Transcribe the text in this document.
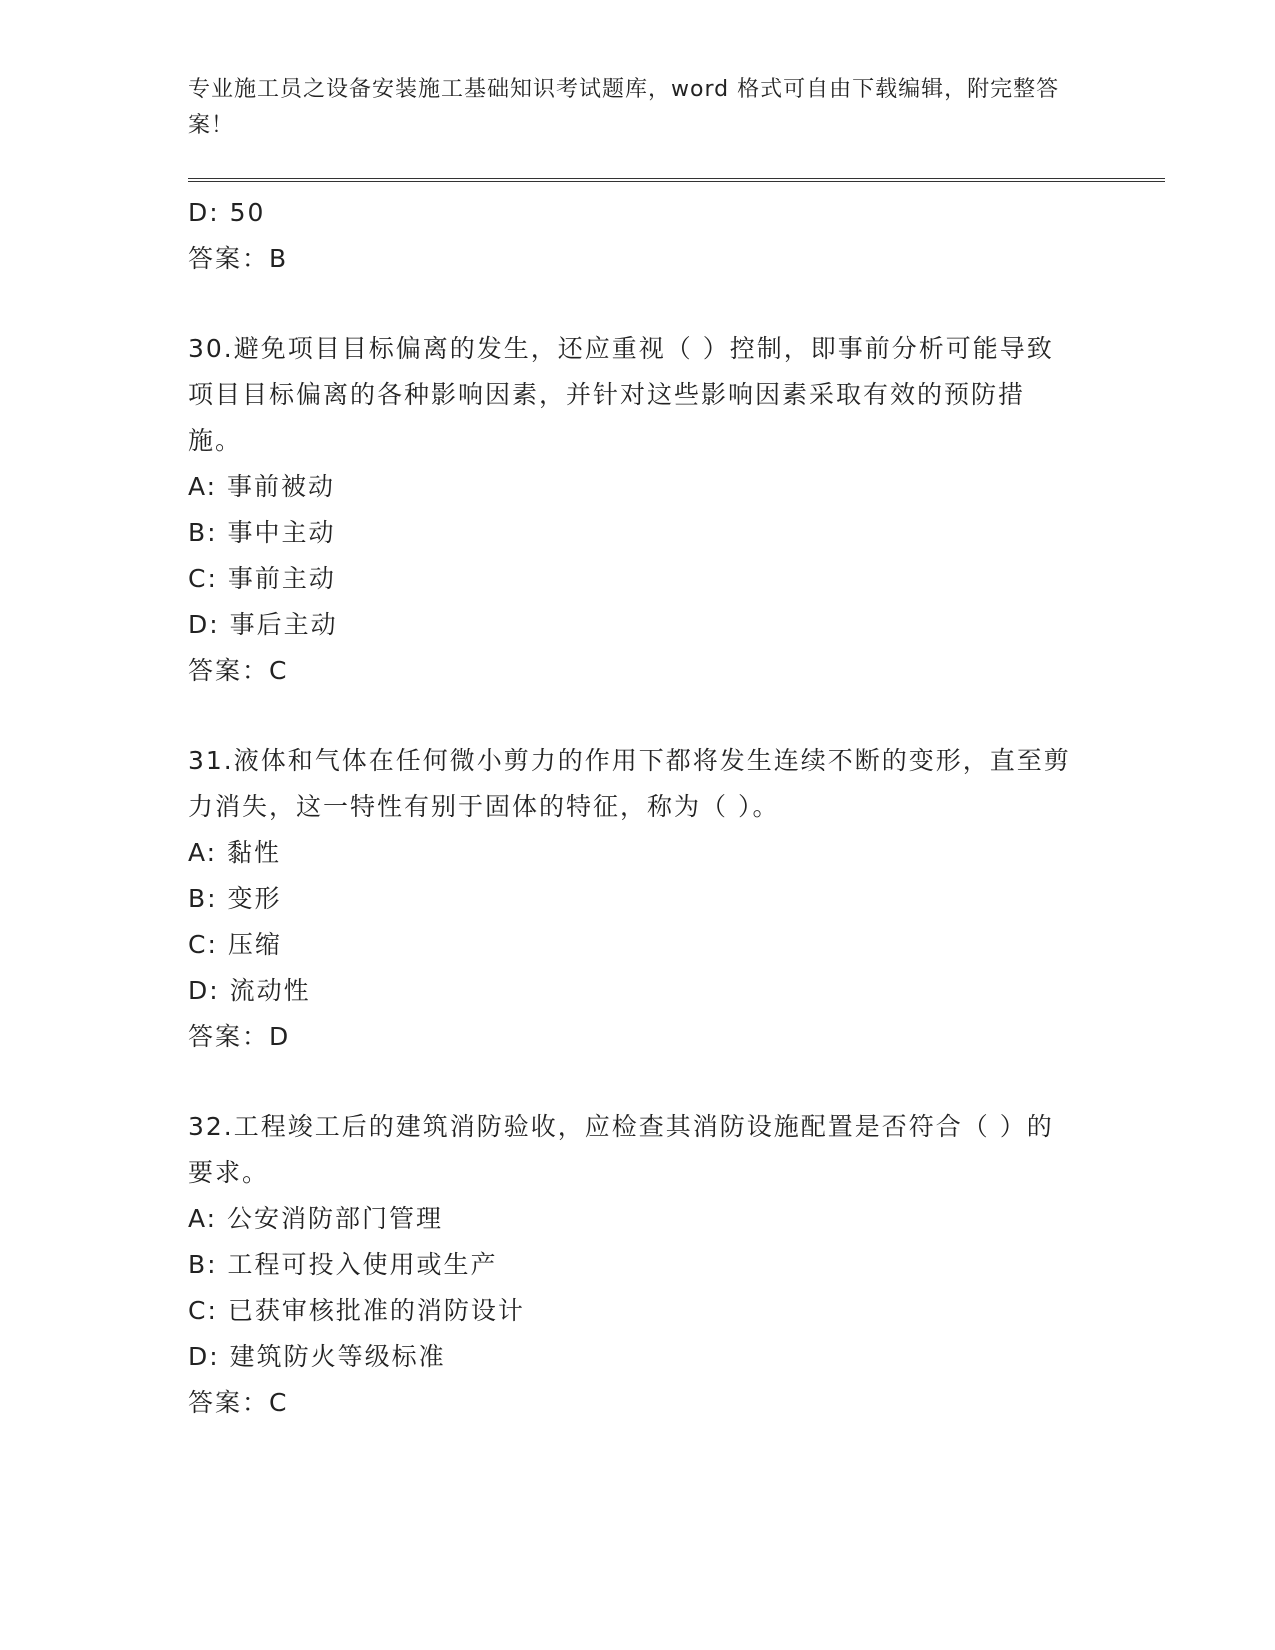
专业施工员之设备安装施工基础知识考试题库，word 格式可自由下载编辑，附完整答案！
D: 50
答案：B
30.避免项目目标偏离的发生，还应重视（ ）控制，即事前分析可能导致项目目标偏离的各种影响因素，并针对这些影响因素采取有效的预防措施。
A: 事前被动
B: 事中主动
C: 事前主动
D: 事后主动
答案：C
31.液体和气体在任何微小剪力的作用下都将发生连续不断的变形，直至剪力消失，这一特性有别于固体的特征，称为（ ）。
A: 黏性
B: 变形
C: 压缩
D: 流动性
答案：D
32.工程竣工后的建筑消防验收，应检查其消防设施配置是否符合（ ）的要求。
A: 公安消防部门管理
B: 工程可投入使用或生产
C: 已获审核批准的消防设计
D: 建筑防火等级标准
答案：C
